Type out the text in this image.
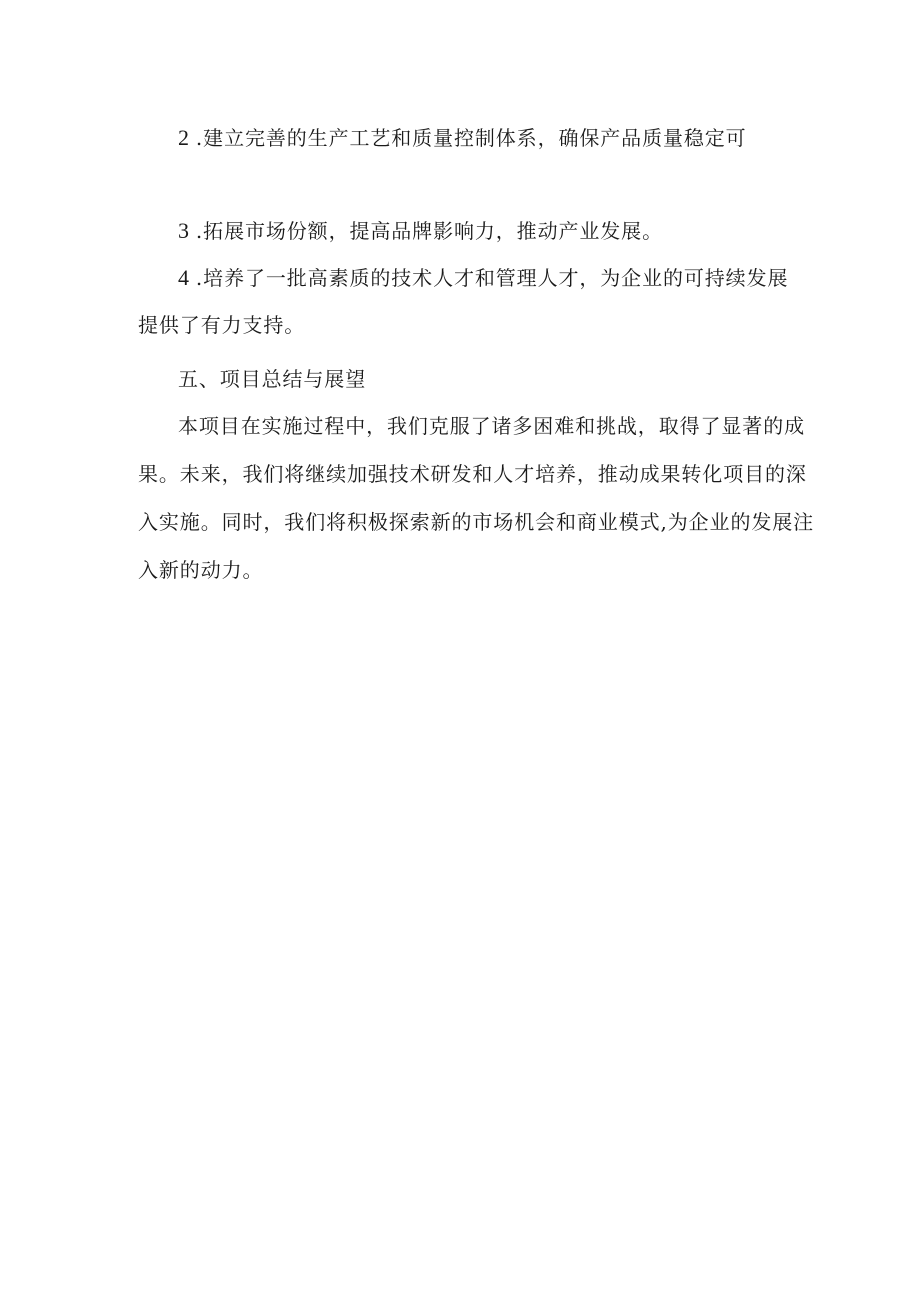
2 .建立完善的生产工艺和质量控制体系，确保产品质量稳定可
3 .拓展市场份额，提高品牌影响力，推动产业发展。
4 .培养了一批高素质的技术人才和管理人才，为企业的可持续发展
提供了有力支持。
五、项目总结与展望
本项目在实施过程中，我们克服了诸多困难和挑战，取得了显著的成
果。未来，我们将继续加强技术研发和人才培养，推动成果转化项目的深
入实施。同时，我们将积极探索新的市场机会和商业模式,为企业的发展注
入新的动力。
